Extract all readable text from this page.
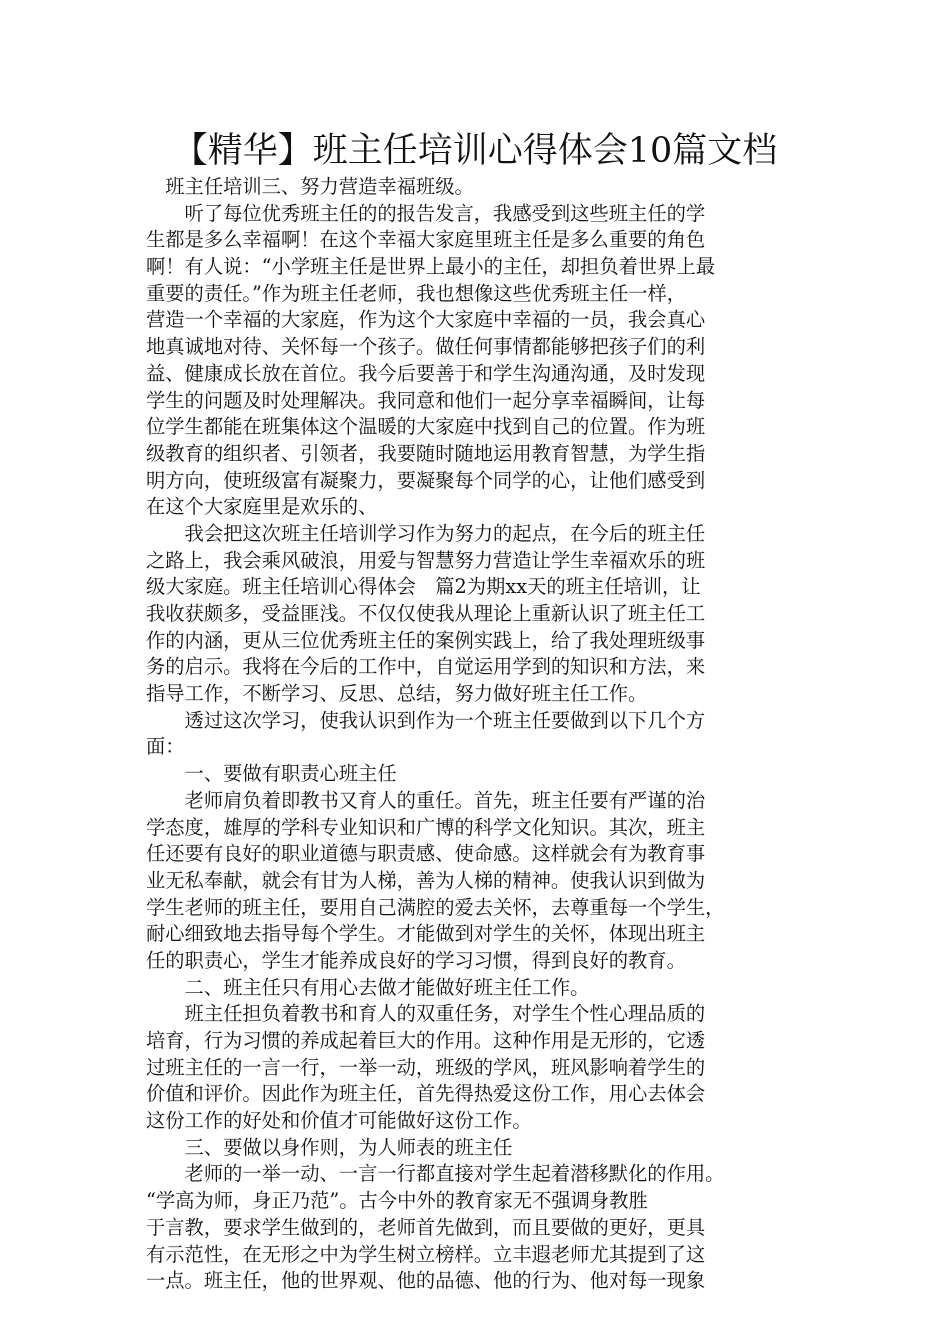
【精华】班主任培训心得体会10篇文档
　班主任培训三、努力营造幸福班级。
　　听了每位优秀班主任的的报告发言，我感受到这些班主任的学
生都是多么幸福啊！在这个幸福大家庭里班主任是多么重要的角色
啊！有人说：“小学班主任是世界上最小的主任，却担负着世界上最
重要的责任。”作为班主任老师，我也想像这些优秀班主任一样，
营造一个幸福的大家庭，作为这个大家庭中幸福的一员，我会真心
地真诚地对待、关怀每一个孩子。做任何事情都能够把孩子们的利
益、健康成长放在首位。我今后要善于和学生沟通沟通，及时发现
学生的问题及时处理解决。我同意和他们一起分享幸福瞬间，让每
位学生都能在班集体这个温暖的大家庭中找到自己的位置。作为班
级教育的组织者、引领者，我要随时随地运用教育智慧，为学生指
明方向，使班级富有凝聚力，要凝聚每个同学的心，让他们感受到
在这个大家庭里是欢乐的、
　　我会把这次班主任培训学习作为努力的起点，在今后的班主任
之路上，我会乘风破浪，用爱与智慧努力营造让学生幸福欢乐的班
级大家庭。班主任培训心得体会　篇2为期xx天的班主任培训，让
我收获颇多，受益匪浅。不仅仅使我从理论上重新认识了班主任工
作的内涵，更从三位优秀班主任的案例实践上，给了我处理班级事
务的启示。我将在今后的工作中，自觉运用学到的知识和方法，来
指导工作，不断学习、反思、总结，努力做好班主任工作。
　　透过这次学习，使我认识到作为一个班主任要做到以下几个方
面：
　　一、要做有职责心班主任
　　老师肩负着即教书又育人的重任。首先，班主任要有严谨的治
学态度，雄厚的学科专业知识和广博的科学文化知识。其次，班主
任还要有良好的职业道德与职责感、使命感。这样就会有为教育事
业无私奉献，就会有甘为人梯，善为人梯的精神。使我认识到做为
学生老师的班主任，要用自己满腔的爱去关怀，去尊重每一个学生，
耐心细致地去指导每个学生。才能做到对学生的关怀，体现出班主
任的职责心，学生才能养成良好的学习习惯，得到良好的教育。
　　二、班主任只有用心去做才能做好班主任工作。
　　班主任担负着教书和育人的双重任务，对学生个性心理品质的
培育，行为习惯的养成起着巨大的作用。这种作用是无形的，它透
过班主任的一言一行，一举一动，班级的学风，班风影响着学生的
价值和评价。因此作为班主任，首先得热爱这份工作，用心去体会
这份工作的好处和价值才可能做好这份工作。
　　三、要做以身作则，为人师表的班主任
　　老师的一举一动、一言一行都直接对学生起着潜移默化的作用。
“学高为师，身正乃范”。古今中外的教育家无不强调身教胜
于言教，要求学生做到的，老师首先做到，而且要做的更好，更具
有示范性，在无形之中为学生树立榜样。立丰遐老师尤其提到了这
一点。班主任，他的世界观、他的品德、他的行为、他对每一现象
